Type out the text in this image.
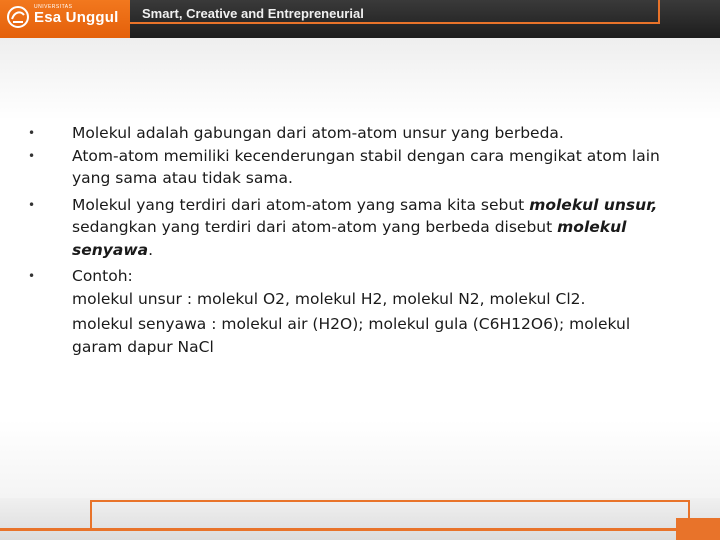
UNIVERSITAS
Esa Unggul Smart, Creative and Entrepreneurial
•	Molekul adalah gabungan dari atom-atom unsur yang berbeda.
•	Atom-atom memiliki kecenderungan stabil dengan cara mengikat atom lain yang sama atau tidak sama.
•	Molekul yang terdiri dari atom-atom yang sama kita sebut molekul unsur, sedangkan yang terdiri dari atom-atom yang berbeda disebut molekul senyawa.
•	Contoh:
molekul unsur : molekul O2, molekul H2, molekul N2, molekul Cl2.
molekul senyawa : molekul air (H2O); molekul gula (C6H12O6); molekul garam dapur NaCl
